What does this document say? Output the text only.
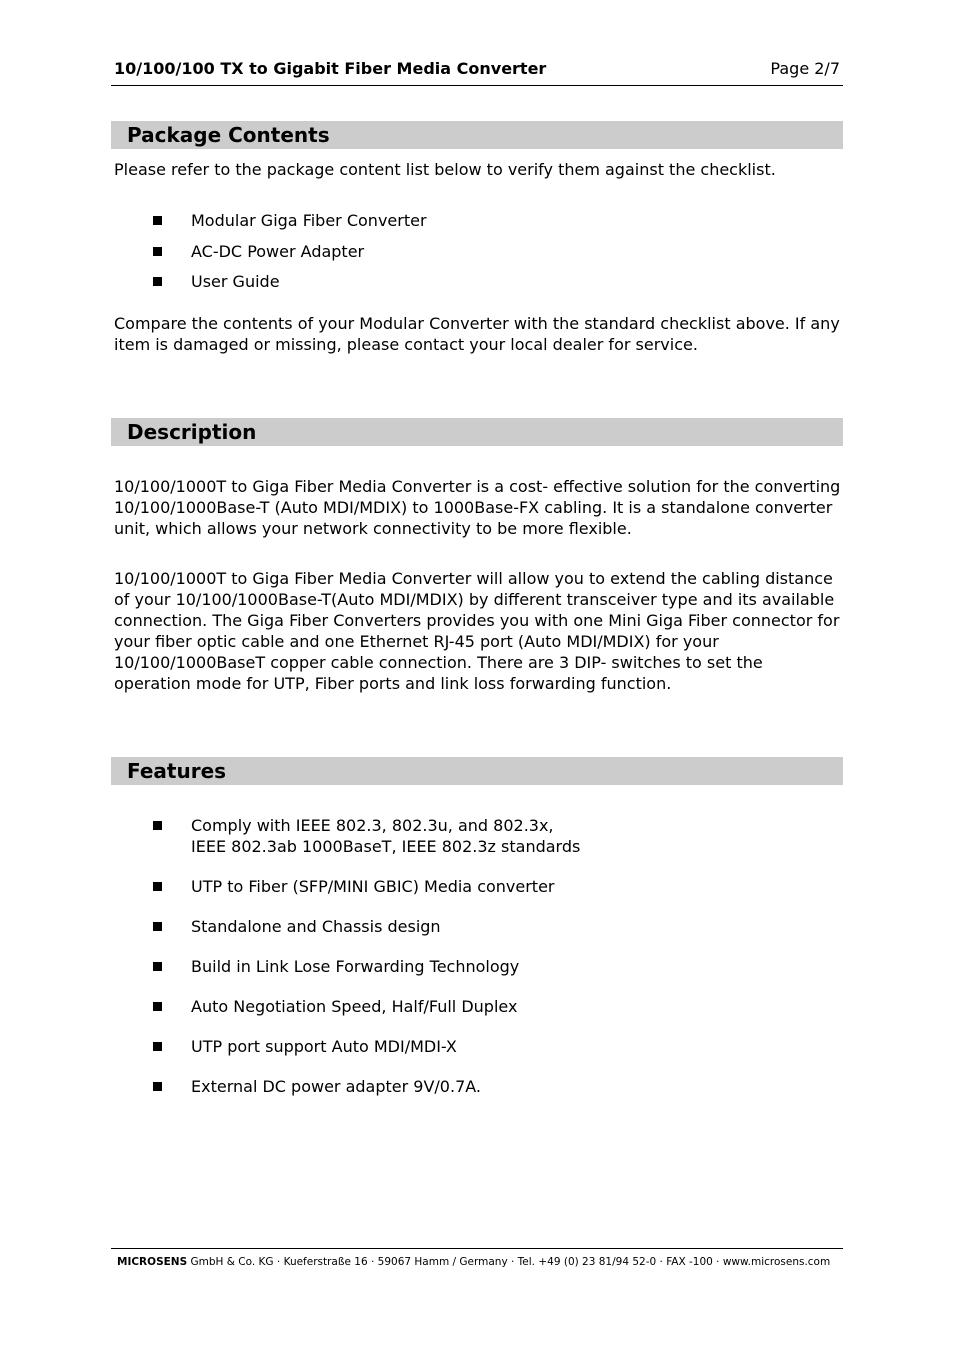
10/100/100 TX to Gigabit Fiber Media Converter	Page 2/7
Package Contents

Please refer to the package content list below to verify them against the checklist.

Modular Giga Fiber Converter
AC-DC Power Adapter
User Guide

Compare the contents of your Modular Converter with the standard checklist above. If any item is damaged or missing, please contact your local dealer for service.

Description

10/100/1000T to Giga Fiber Media Converter is a cost- effective solution for the converting 10/100/1000Base-T (Auto MDI/MDIX) to 1000Base-FX cabling. It is a standalone converter unit, which allows your network connectivity to be more flexible.

10/100/1000T to Giga Fiber Media Converter will allow you to extend the cabling distance of your 10/100/1000Base-T(Auto MDI/MDIX) by different transceiver type and its available connection. The Giga Fiber Converters provides you with one Mini Giga Fiber connector for your fiber optic cable and one Ethernet RJ-45 port (Auto MDI/MDIX) for your 10/100/1000BaseT copper cable connection. There are 3 DIP- switches to set the operation mode for UTP, Fiber ports and link loss forwarding function.

Features
Comply with IEEE 802.3, 802.3u, and 802.3x,
IEEE 802.3ab 1000BaseT, IEEE 802.3z standards
UTP to Fiber (SFP/MINI GBIC) Media converter
Standalone and Chassis design
Build in Link Lose Forwarding Technology
Auto Negotiation Speed, Half/Full Duplex
UTP port support Auto MDI/MDI-X
External DC power adapter 9V/0.7A.
MICROSENS GmbH & Co. KG · Kueferstraße 16 · 59067 Hamm / Germany · Tel. +49 (0) 23 81/94 52-0 · FAX -100 · www.microsens.com
